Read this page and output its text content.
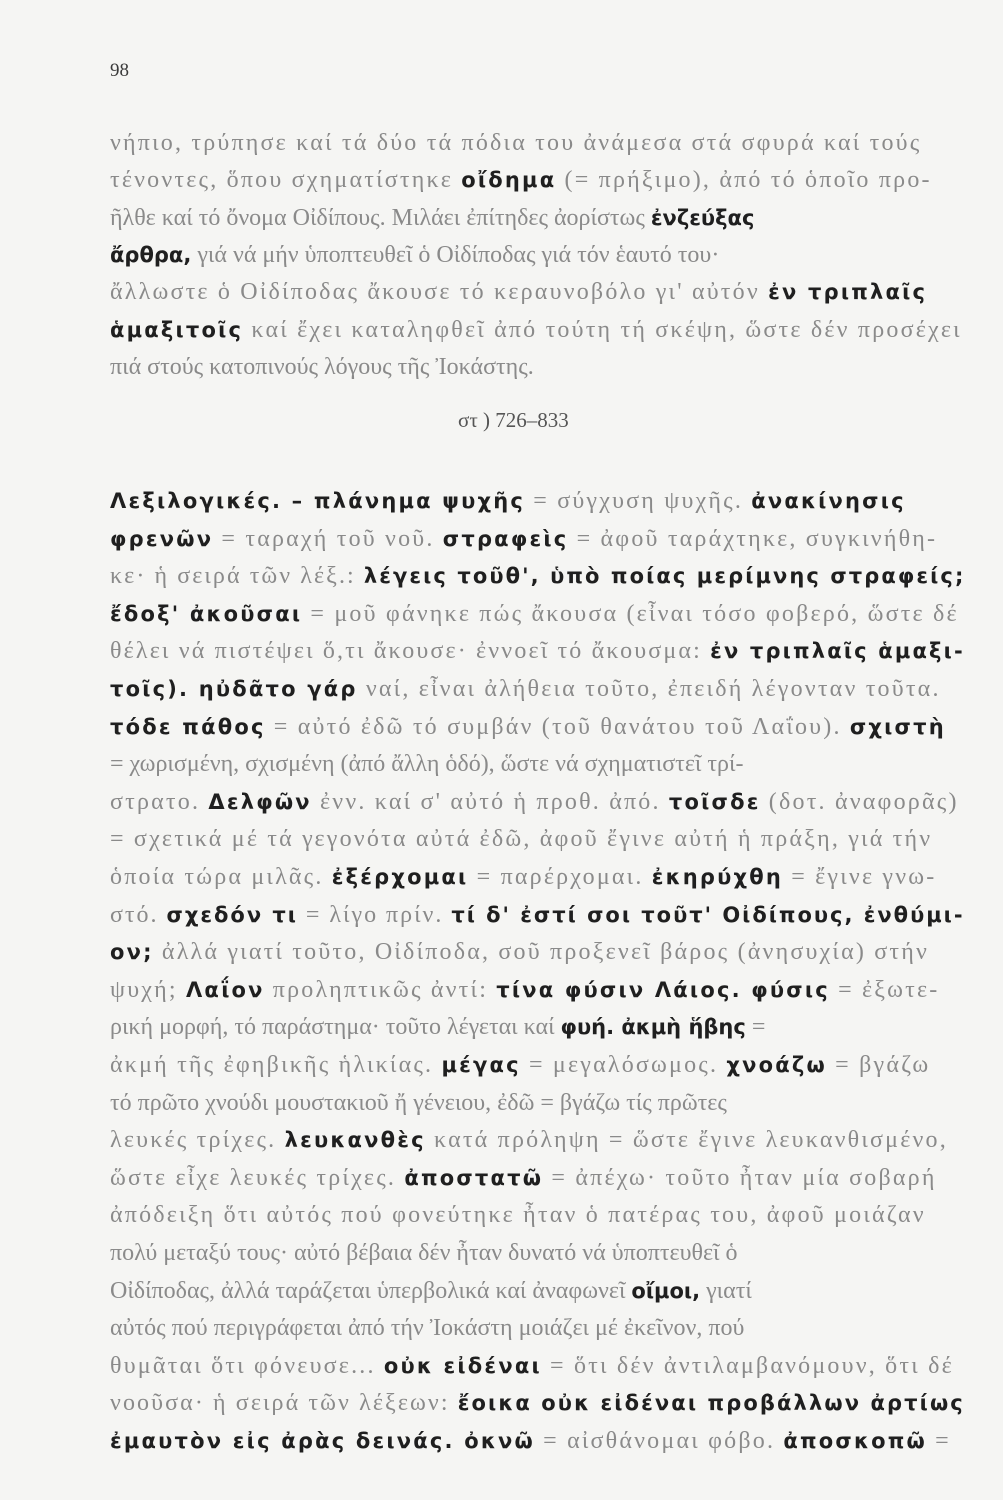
98
νήπιο, τρύπησε καί τά δύο τά πόδια του ἀνάμεσα στά σφυρά καί τούς
τένοντες, ὅπου σχηματίστηκε οἴδημα (= πρήξιμο), ἀπό τό ὁποῖο προ-
ῆλθε καί τό ὄνομα Οἰδίπους. Μιλάει ἐπίτηδες ἀορίστως ἐνζεύξας
ἄρθρα, γιά νά μήν ὑποπτευθεῖ ὁ Οἰδίποδας γιά τόν ἑαυτό του·
ἄλλωστε ὁ Οἰδίποδας ἄκουσε τό κεραυνοβόλο γι' αὐτόν ἐν τριπλαῖς
ἁμαξιτοῖς καί ἔχει καταληφθεῖ ἀπό τούτη τή σκέψη, ὥστε δέν προσέχει
πιά στούς κατοπινούς λόγους τῆς Ἰοκάστης.
στ ) 726–833
Λεξιλογικές. – πλάνημα ψυχῆς = σύγχυση ψυχῆς. ἀνακίνησις
φρενῶν = ταραχή τοῦ νοῦ. στραφεὶς = ἀφοῦ ταράχτηκε, συγκινήθη-
κε· ἡ σειρά τῶν λέξ.: λέγεις τοῦθ', ὑπὸ ποίας μερίμνης στραφείς;
ἔδοξ' ἀκοῦσαι = μοῦ φάνηκε πώς ἄκουσα (εἶναι τόσο φοβερό, ὥστε δέ
θέλει νά πιστέψει ὅ,τι ἄκουσε· ἐννοεῖ τό ἄκουσμα: ἐν τριπλαῖς ἁμαξι-
τοῖς). ηὐδᾶτο γάρ ναί, εἶναι ἀλήθεια τοῦτο, ἐπειδή λέγονταν τοῦτα.
τόδε πάθος = αὐτό ἐδῶ τό συμβάν (τοῦ θανάτου τοῦ Λαΐου). σχιστὴ
= χωρισμένη, σχισμένη (ἀπό ἄλλη ὁδό), ὥστε νά σχηματιστεῖ τρί-
στρατο. Δελφῶν ἐνν. καί σ' αὐτό ἡ προθ. ἀπό. τοῖσδε (δοτ. ἀναφορᾶς)
= σχετικά μέ τά γεγονότα αὐτά ἐδῶ, ἀφοῦ ἔγινε αὐτή ἡ πράξη, γιά τήν
ὁποία τώρα μιλᾶς. ἐξέρχομαι = παρέρχομαι. ἐκηρύχθη = ἔγινε γνω-
στό. σχεδόν τι = λίγο πρίν. τί δ' ἐστί σοι τοῦτ' Οἰδίπους, ἐνθύμι-
ον; ἀλλά γιατί τοῦτο, Οἰδίποδα, σοῦ προξενεῖ βάρος (ἀνησυχία) στήν
ψυχή; Λαΐον προληπτικῶς ἀντί: τίνα φύσιν Λάιος. φύσις = ἐξωτε-
ρική μορφή, τό παράστημα· τοῦτο λέγεται καί φυή. ἀκμὴ ἥβης =
ἀκμή τῆς ἐφηβικῆς ἡλικίας. μέγας = μεγαλόσωμος. χνοάζω = βγάζω
τό πρῶτο χνούδι μουστακιοῦ ἤ γένειου, ἐδῶ = βγάζω τίς πρῶτες
λευκές τρίχες. λευκανθὲς κατά πρόληψη = ὥστε ἔγινε λευκανθισμένο,
ὥστε εἶχε λευκές τρίχες. ἀποστατῶ = ἀπέχω· τοῦτο ἦταν μία σοβαρή
ἀπόδειξη ὅτι αὐτός πού φονεύτηκε ἦταν ὁ πατέρας του, ἀφοῦ μοιάζαν
πολύ μεταξύ τους· αὐτό βέβαια δέν ἦταν δυνατό νά ὑποπτευθεῖ ὁ
Οἰδίποδας, ἀλλά ταράζεται ὑπερβολικά καί ἀναφωνεῖ οἴμοι, γιατί
αὐτός πού περιγράφεται ἀπό τήν Ἰοκάστη μοιάζει μέ ἐκεῖνον, πού
θυμᾶται ὅτι φόνευσε... οὐκ εἰδέναι = ὅτι δέν ἀντιλαμβανόμουν, ὅτι δέ
νοοῦσα· ἡ σειρά τῶν λέξεων: ἔοικα οὐκ εἰδέναι προβάλλων ἀρτίως
ἐμαυτὸν εἰς ἀρὰς δεινάς. ὀκνῶ = αἰσθάνομαι φόβο. ἀποσκοπῶ =
